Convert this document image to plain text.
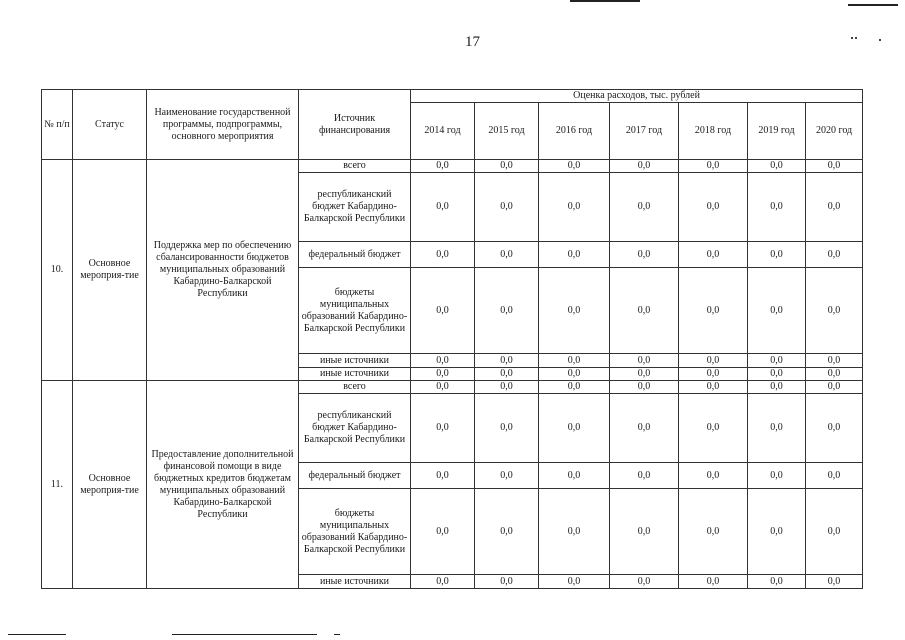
17
№ п/п	Статус	Наименование государственной программы, подпрограммы, основного мероприятия	Источник финансирования	Оценка расходов, тыс. рублей						
				2014 год	2015 год	2016 год	2017 год	2018 год	2019 год	2020 год
10.	Основное мероприя-тие	Поддержка мер по обеспечению сбалансированности бюджетов муниципальных образований Кабардино-Балкарской Республики	всего	0,0	0,0	0,0	0,0	0,0	0,0	0,0
			республиканский бюджет Кабардино-Балкарской Республики	0,0	0,0	0,0	0,0	0,0	0,0	0,0
			федеральный бюджет	0,0	0,0	0,0	0,0	0,0	0,0	0,0
			бюджеты муниципальных образований Кабардино-Балкарской Республики	0,0	0,0	0,0	0,0	0,0	0,0	0,0
			иные источники	0,0	0,0	0,0	0,0	0,0	0,0	0,0
			иные источники	0,0	0,0	0,0	0,0	0,0	0,0	0,0
11.	Основное мероприя-тие	Предоставление дополнительной финансовой помощи в виде бюджетных кредитов бюджетам муниципальных образований Кабардино-Балкарской Республики	всего	0,0	0,0	0,0	0,0	0,0	0,0	0,0
			республиканский бюджет Кабардино-Балкарской Республики	0,0	0,0	0,0	0,0	0,0	0,0	0,0
			федеральный бюджет	0,0	0,0	0,0	0,0	0,0	0,0	0,0
			бюджеты муниципальных образований Кабардино-Балкарской Республики	0,0	0,0	0,0	0,0	0,0	0,0	0,0
			иные источники	0,0	0,0	0,0	0,0	0,0	0,0	0,0
